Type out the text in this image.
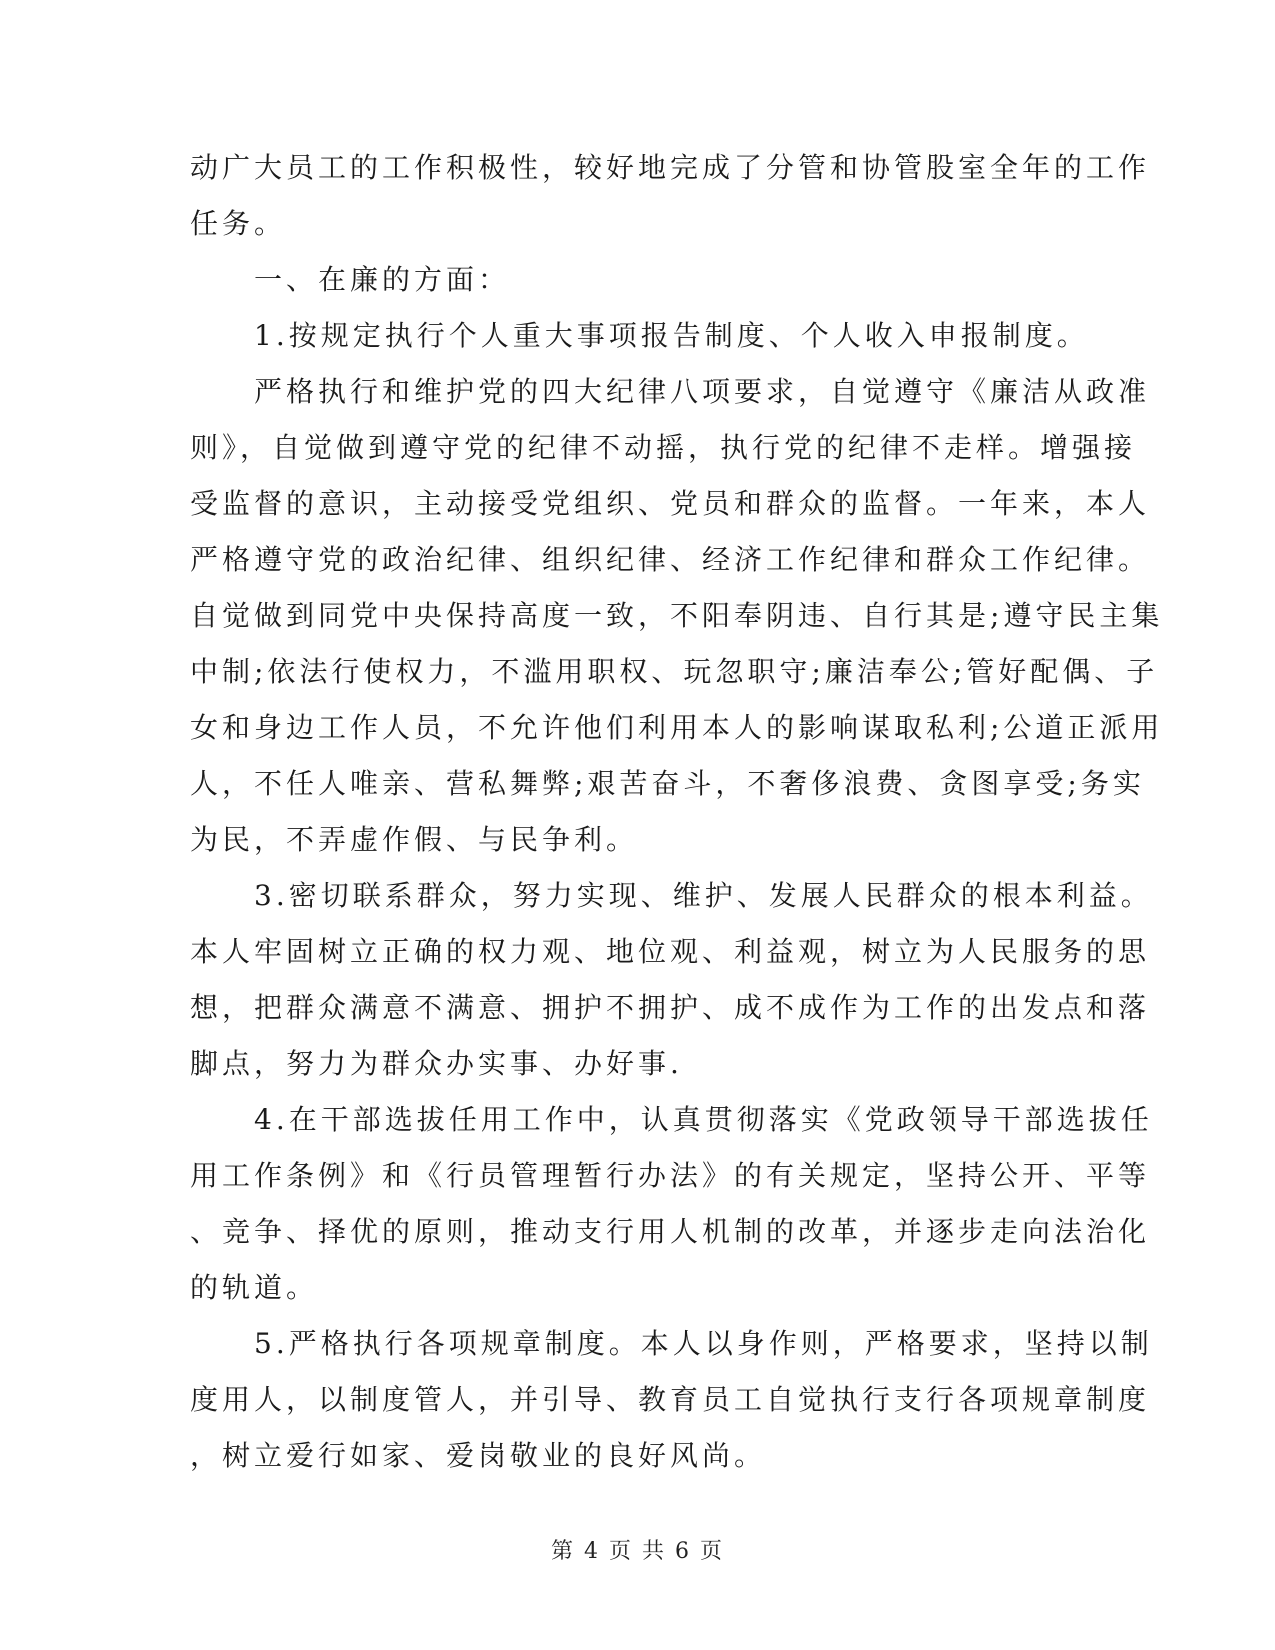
动广大员工的工作积极性，较好地完成了分管和协管股室全年的工作
任务。
　　一、在廉的方面：
　　1.按规定执行个人重大事项报告制度、个人收入申报制度。
　　严格执行和维护党的四大纪律八项要求，自觉遵守《廉洁从政准
则》，自觉做到遵守党的纪律不动摇，执行党的纪律不走样。增强接
受监督的意识，主动接受党组织、党员和群众的监督。一年来，本人
严格遵守党的政治纪律、组织纪律、经济工作纪律和群众工作纪律。
自觉做到同党中央保持高度一致，不阳奉阴违、自行其是;遵守民主集
中制;依法行使权力，不滥用职权、玩忽职守;廉洁奉公;管好配偶、子
女和身边工作人员，不允许他们利用本人的影响谋取私利;公道正派用
人，不任人唯亲、营私舞弊;艰苦奋斗，不奢侈浪费、贪图享受;务实
为民，不弄虚作假、与民争利。
　　3.密切联系群众，努力实现、维护、发展人民群众的根本利益。
本人牢固树立正确的权力观、地位观、利益观，树立为人民服务的思
想，把群众满意不满意、拥护不拥护、成不成作为工作的出发点和落
脚点，努力为群众办实事、办好事.
　　4.在干部选拔任用工作中，认真贯彻落实《党政领导干部选拔任
用工作条例》和《行员管理暂行办法》的有关规定，坚持公开、平等
、竞争、择优的原则，推动支行用人机制的改革，并逐步走向法治化
的轨道。
　　5.严格执行各项规章制度。本人以身作则，严格要求，坚持以制
度用人，以制度管人，并引导、教育员工自觉执行支行各项规章制度
，树立爱行如家、爱岗敬业的良好风尚。
第 4 页 共 6 页
